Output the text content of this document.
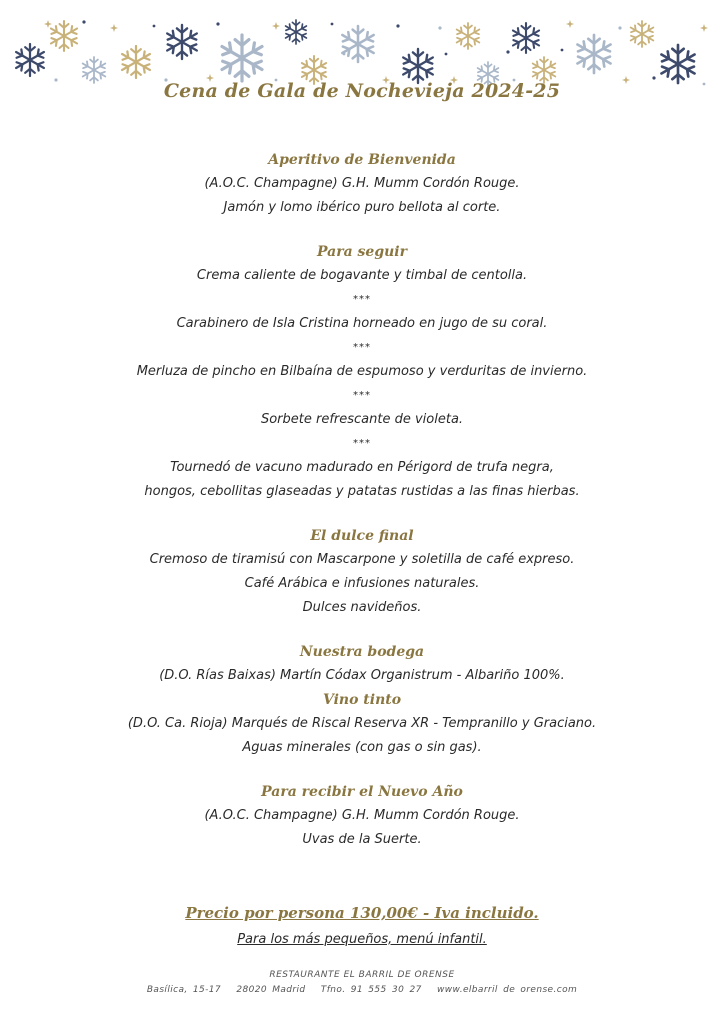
Cena de Gala de Nochevieja 2024-25
Aperitivo de Bienvenida
(A.O.C. Champagne) G.H. Mumm Cordón Rouge.
Jamón y lomo ibérico puro bellota al corte.
Para seguir
Crema caliente de bogavante y timbal de centolla.
***
Carabinero de Isla Cristina horneado en jugo de su coral.
***
Merluza de pincho en Bilbaína de espumoso y verduritas de invierno.
***
Sorbete refrescante de violeta.
***
Tournedó de vacuno madurado en Périgord de trufa negra,
hongos, cebollitas glaseadas y patatas rustidas a las finas hierbas.
El dulce final
Cremoso de tiramisú con Mascarpone y soletilla de café expreso.
Café Arábica e infusiones naturales.
Dulces navideños.
Nuestra bodega
(D.O. Rías Baixas) Martín Códax Organistrum - Albariño 100%.
Vino tinto
(D.O. Ca. Rioja) Marqués de Riscal Reserva XR - Tempranillo y Graciano.
Aguas minerales (con gas o sin gas).
Para recibir el Nuevo Año
(A.O.C. Champagne) G.H. Mumm Cordón Rouge.
Uvas de la Suerte.
Precio por persona 130,00€ - Iva incluido.
Para los más pequeños, menú infantil.
RESTAURANTE EL BARRIL DE ORENSE
Basílica, 15-17 28020 Madrid Tfno. 91 555 30 27 www.elbarril de orense.com
